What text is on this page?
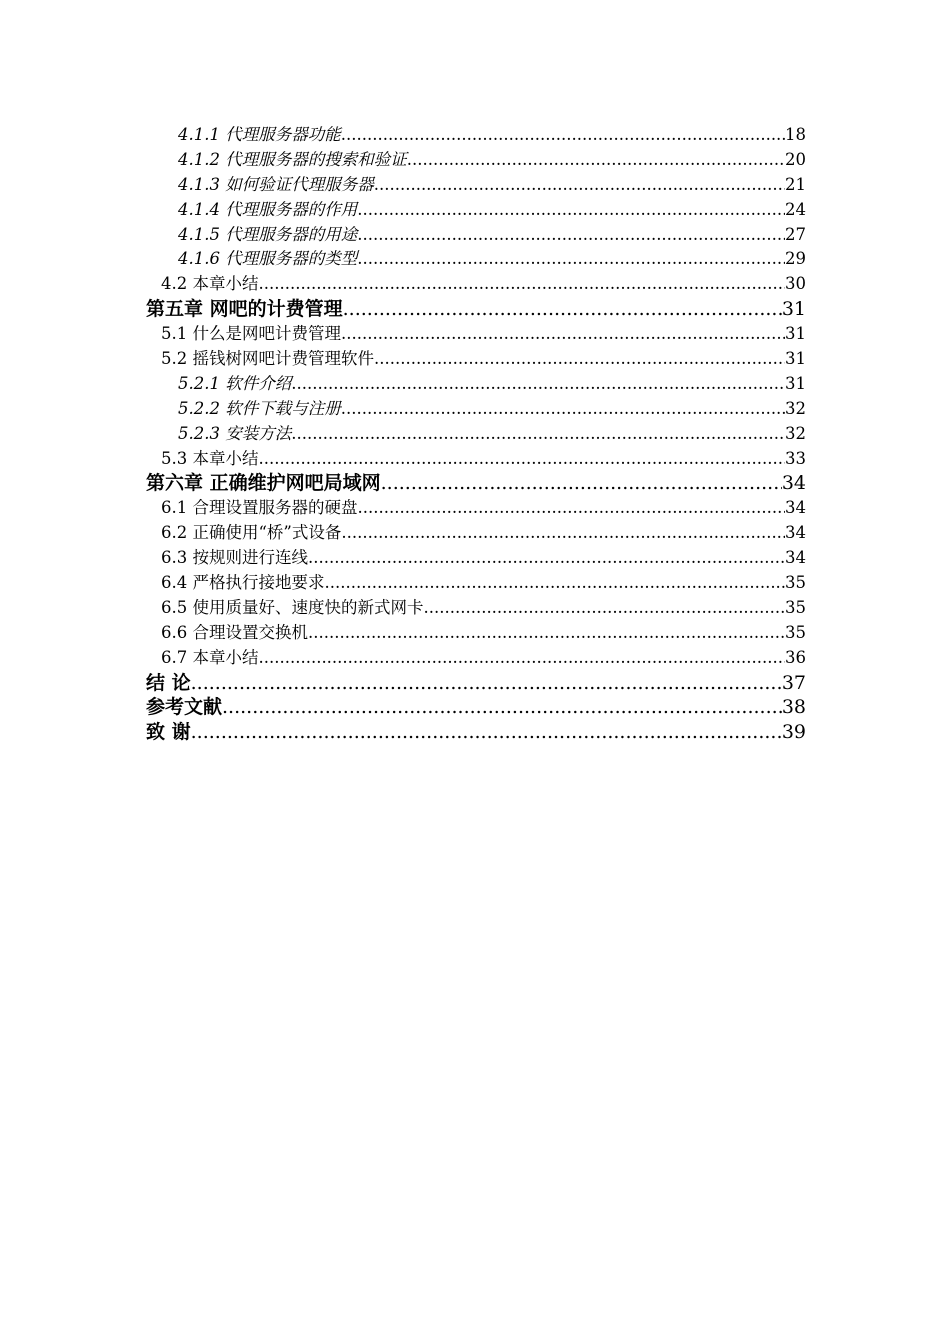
4.1.1 代理服务器功能 .....	18
4.1.2 代理服务器的搜索和验证 .....	20
4.1.3 如何验证代理服务器 .....	21
4.1.4 代理服务器的作用 .....	24
4.1.5 代理服务器的用途 .....	27
4.1.6 代理服务器的类型 .....	29
4.2 本章小结 .....	30
第五章 网吧的计费管理 .....	31
5.1 什么是网吧计费管理 .....	31
5.2 摇钱树网吧计费管理软件 .....	31
5.2.1 软件介绍 .....	31
5.2.2 软件下载与注册 .....	32
5.2.3 安装方法 .....	32
5.3 本章小结 .....	33
第六章 正确维护网吧局域网 .....	34
6.1 合理设置服务器的硬盘 .....	34
6.2 正确使用“桥”式设备 .....	34
6.3 按规则进行连线 .....	34
6.4 严格执行接地要求 .....	35
6.5 使用质量好、速度快的新式网卡 .....	35
6.6 合理设置交换机 .....	35
6.7 本章小结 .....	36
结 论 .....	37
参考文献 .....	38
致 谢 .....	39
